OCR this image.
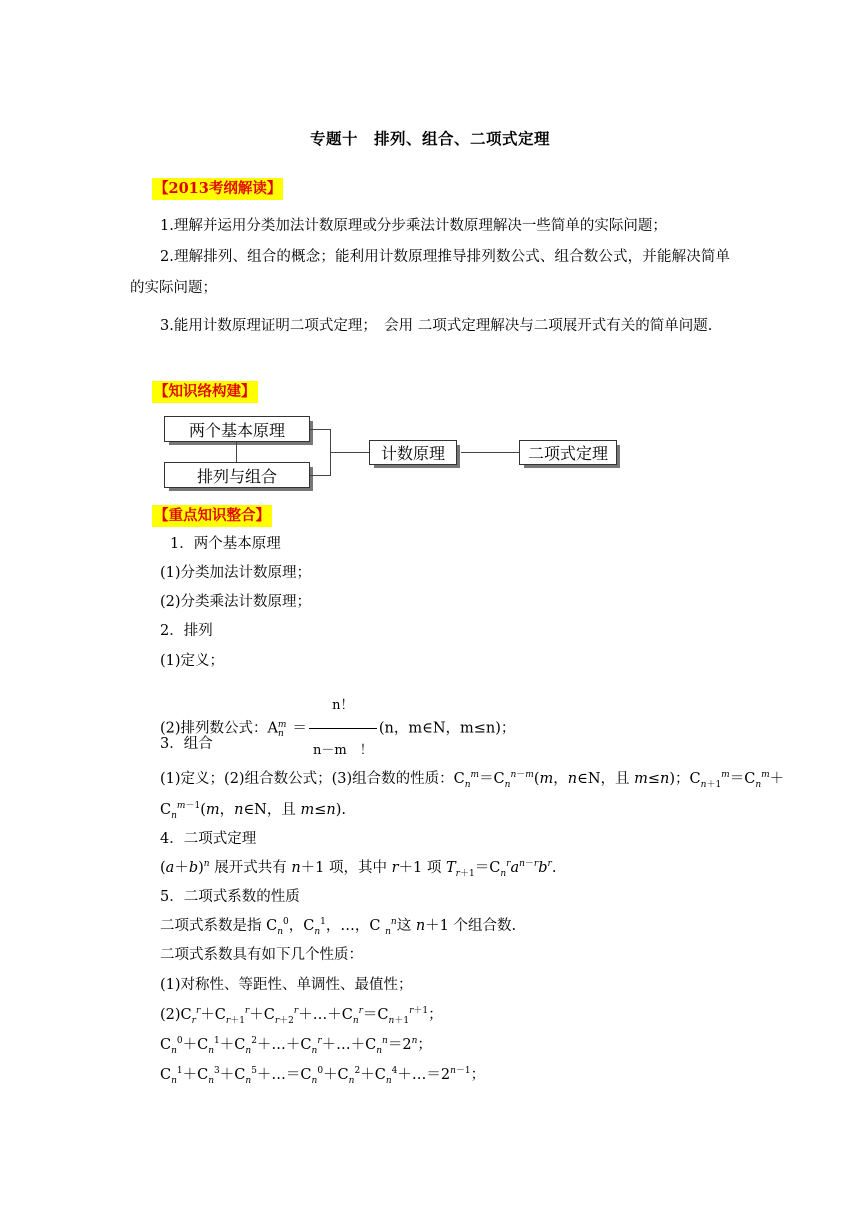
专题十　排列、组合、二项式定理
【2013考纲解读】
1.理解并运用分类加法计数原理或分步乘法计数原理解决一些简单的实际问题；
2.理解排列、组合的概念；能利用计数原理推导排列数公式、组合数公式，并能解决简单的实际问题；
3.能用计数原理证明二项式定理；　会用 二项式定理解决与二项展开式有关的简单问题.
【知识络构建】
两个基本原理
排列与组合
计数原理	二项式定理
【重点知识整合】
1．两个基本原理
(1)分类加法计数原理；
(2)分类乘法计数原理；
2．排列
(1)定义；
(2)排列数公式：$A_n^m = \frac{n!}{n-m !} (n$，m∈N，m≤n)；
3．组合
(1)定义；(2)组合数公式；(3)组合数的性质：$C_n^m=C_n^{n-m}(m$，n∈N，且 m≤n)；$C_{n+1}^m=C_n^m+$
$C_n^{m-1}(m$，n∈N，且 m≤n).
4．二项式定理
$(a+b)^n$ 展开式共有 n＋1 项，其中 r＋1 项 $T_{r+1}=C_n^ra^{n-r}b^r$.
5．二项式系数的性质
二项式系数是指 $C_n^0$，$C_n^1$，…，C $_n^n$这 n＋1 个组合数.
二项式系数具有如下几个性质：
(1)对称性、等距性、单调性、最值性；
$(2)C_r^r+C_{r+1}^r+C_{r+2}^r+\dots+C_n^r=C_{n+1}^{r+1}$；
$C_n^0+C_n^1+C_n^2+\dots+C_n^r+\dots+C_n^n=2^n$；
$C_n^1+C_n^3+C_n^5+\dots=C_n^0+C_n^2+C_n^4+\dots=2^{n-1}$；
